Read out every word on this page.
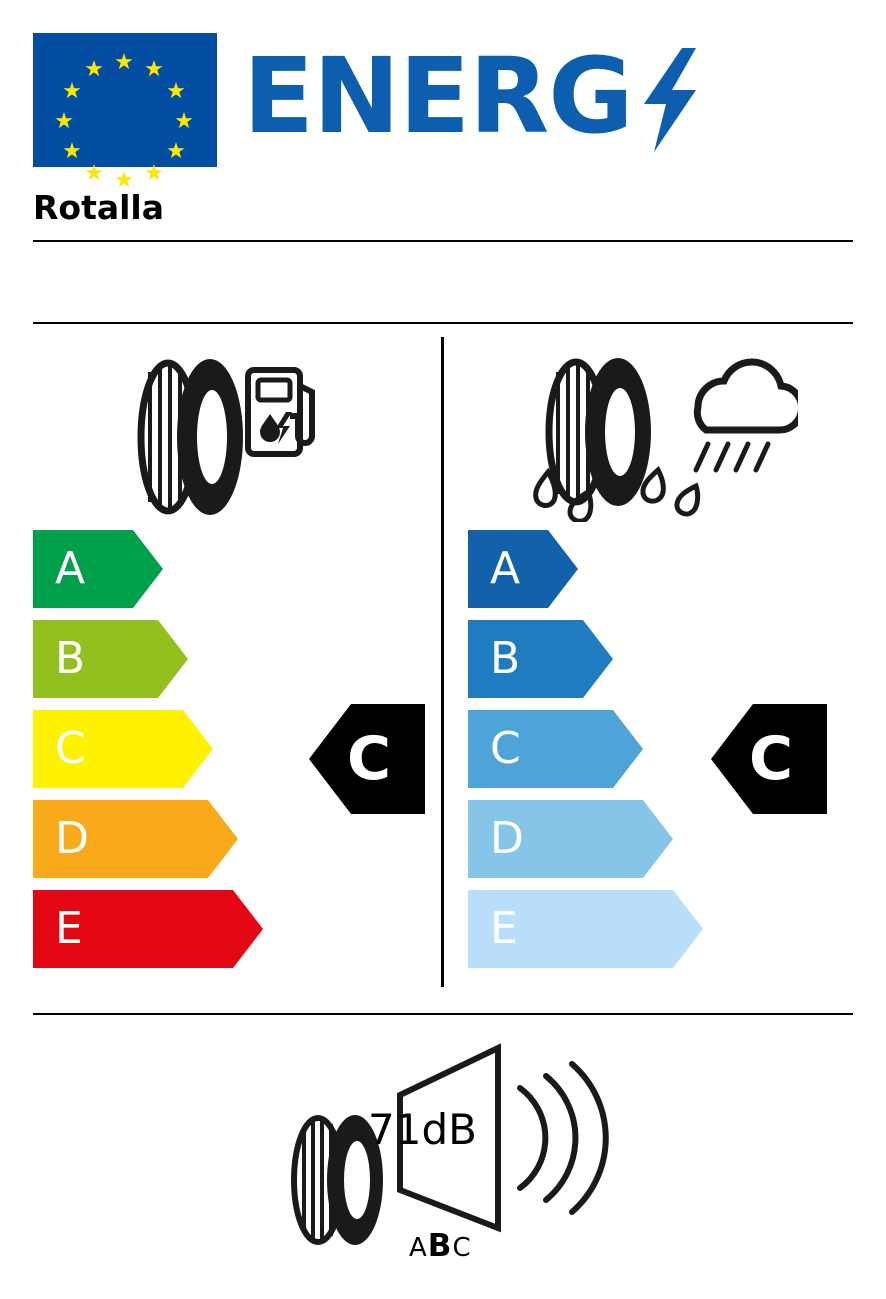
★ ★
★
★
★
★
★
★
★
★
★
★ ENERG
Rotalla
A
B
C
D
E
C
A
B
C
D
E
C
71dB
ABC
